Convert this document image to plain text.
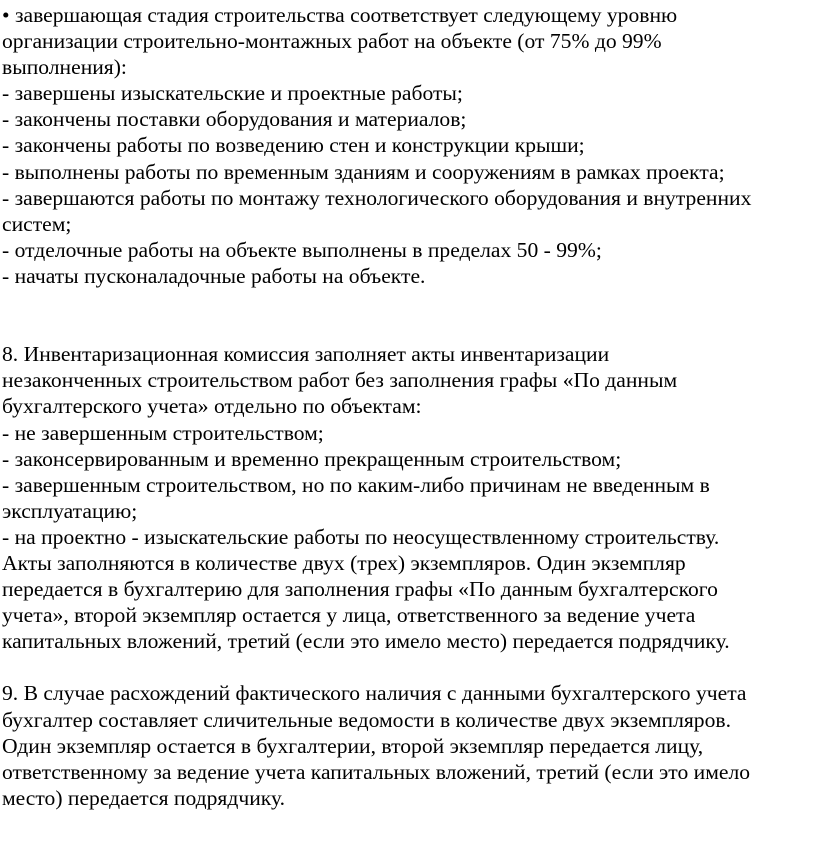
• завершающая стадия строительства соответствует следующему уровню
организации строительно-монтажных работ на объекте (от 75% до 99%
выполнения):
- завершены изыскательские и проектные работы;
- закончены поставки оборудования и материалов;
- закончены работы по возведению стен и конструкции крыши;
- выполнены работы по временным зданиям и сооружениям в рамках проекта;
- завершаются работы по монтажу технологического оборудования и внутренних
систем;
- отделочные работы на объекте выполнены в пределах 50 - 99%;
- начаты пусконаладочные работы на объекте.
8. Инвентаризационная комиссия заполняет акты инвентаризации
незаконченных строительством работ без заполнения графы «По данным
бухгалтерского учета» отдельно по объектам:
- не завершенным строительством;
- законсервированным и временно прекращенным строительством;
- завершенным строительством, но по каким-либо причинам не введенным в
эксплуатацию;
- на проектно - изыскательские работы по неосуществленному строительству.
Акты заполняются в количестве двух (трех) экземпляров. Один экземпляр
передается в бухгалтерию для заполнения графы «По данным бухгалтерского
учета», второй экземпляр остается у лица, ответственного за ведение учета
капитальных вложений, третий (если это имело место) передается подрядчику.
9. В случае расхождений фактического наличия с данными бухгалтерского учета
бухгалтер составляет сличительные ведомости в количестве двух экземпляров.
Один экземпляр остается в бухгалтерии, второй экземпляр передается лицу,
ответственному за ведение учета капитальных вложений, третий (если это имело
место) передается подрядчику.
